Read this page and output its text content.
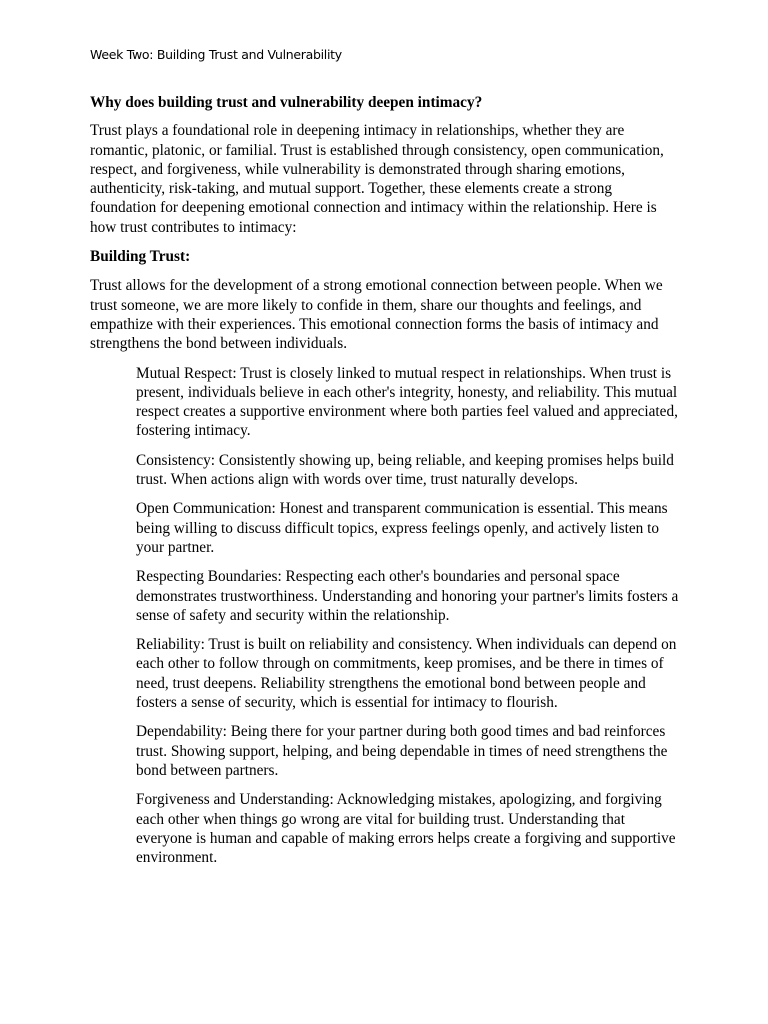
Week Two: Building Trust and Vulnerability

Why does building trust and vulnerability deepen intimacy?

Trust plays a foundational role in deepening intimacy in relationships, whether they are romantic, platonic, or familial. Trust is established through consistency, open communication, respect, and forgiveness, while vulnerability is demonstrated through sharing emotions, authenticity, risk-taking, and mutual support. Together, these elements create a strong foundation for deepening emotional connection and intimacy within the relationship. Here is how trust contributes to intimacy:

Building Trust:

Trust allows for the development of a strong emotional connection between people. When we trust someone, we are more likely to confide in them, share our thoughts and feelings, and empathize with their experiences. This emotional connection forms the basis of intimacy and strengthens the bond between individuals.

Mutual Respect: Trust is closely linked to mutual respect in relationships. When trust is present, individuals believe in each other's integrity, honesty, and reliability. This mutual respect creates a supportive environment where both parties feel valued and appreciated, fostering intimacy.
Consistency: Consistently showing up, being reliable, and keeping promises helps build trust. When actions align with words over time, trust naturally develops.
Open Communication: Honest and transparent communication is essential. This means being willing to discuss difficult topics, express feelings openly, and actively listen to your partner.
Respecting Boundaries: Respecting each other's boundaries and personal space demonstrates trustworthiness. Understanding and honoring your partner's limits fosters a sense of safety and security within the relationship.
Reliability: Trust is built on reliability and consistency. When individuals can depend on each other to follow through on commitments, keep promises, and be there in times of need, trust deepens. Reliability strengthens the emotional bond between people and fosters a sense of security, which is essential for intimacy to flourish.
Dependability: Being there for your partner during both good times and bad reinforces trust. Showing support, helping, and being dependable in times of need strengthens the bond between partners.
Forgiveness and Understanding: Acknowledging mistakes, apologizing, and forgiving each other when things go wrong are vital for building trust. Understanding that everyone is human and capable of making errors helps create a forgiving and supportive environment.
